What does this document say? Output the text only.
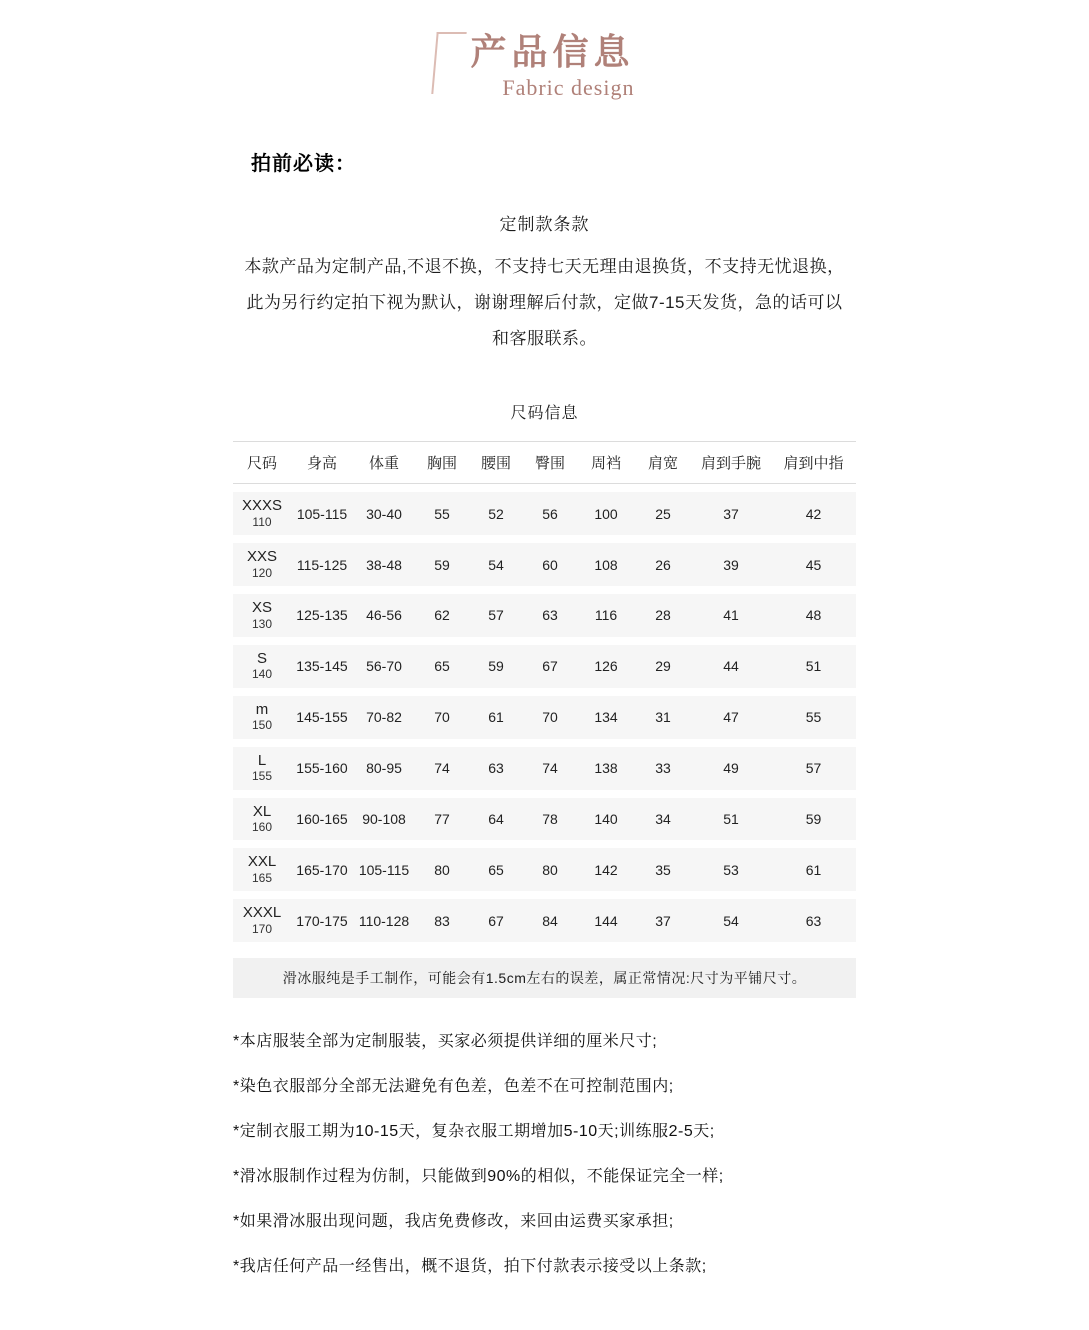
产品信息
Fabric design
拍前必读：
定制款条款

本款产品为定制产品,不退不换，不支持七天无理由退换货，不支持无忧退换，此为另行约定拍下视为默认，谢谢理解后付款，定做7-15天发货，急的话可以和客服联系。

尺码信息
尺码	身高	体重	胸围	腰围	臀围	周裆	肩宽	肩到手腕	肩到中指

XXXS
110	105-115	30-40	55	52	56	100	25	37	42

XXS
120	115-125	38-48	59	54	60	108	26	39	45

XS
130	125-135	46-56	62	57	63	116	28	41	48

S
140	135-145	56-70	65	59	67	126	29	44	51

m
150	145-155	70-82	70	61	70	134	31	47	55

L
155	155-160	80-95	74	63	74	138	33	49	57

XL
160	160-165	90-108	77	64	78	140	34	51	59

XXL
165	165-170	105-115	80	65	80	142	35	53	61

XXXL
170	170-175	110-128	83	67	84	144	37	54	63
滑冰服纯是手工制作，可能会有1.5cm左右的误差，属正常情况:尺寸为平铺尺寸。

*本店服装全部为定制服装，买家必须提供详细的厘米尺寸;

*染色衣服部分全部无法避免有色差，色差不在可控制范围内;

*定制衣服工期为10-15天，复杂衣服工期增加5-10天;训练服2-5天;

*滑冰服制作过程为仿制，只能做到90%的相似，不能保证完全一样;

*如果滑冰服出现问题，我店免费修改，来回由运费买家承担;

*我店任何产品一经售出，概不退货，拍下付款表示接受以上条款;
